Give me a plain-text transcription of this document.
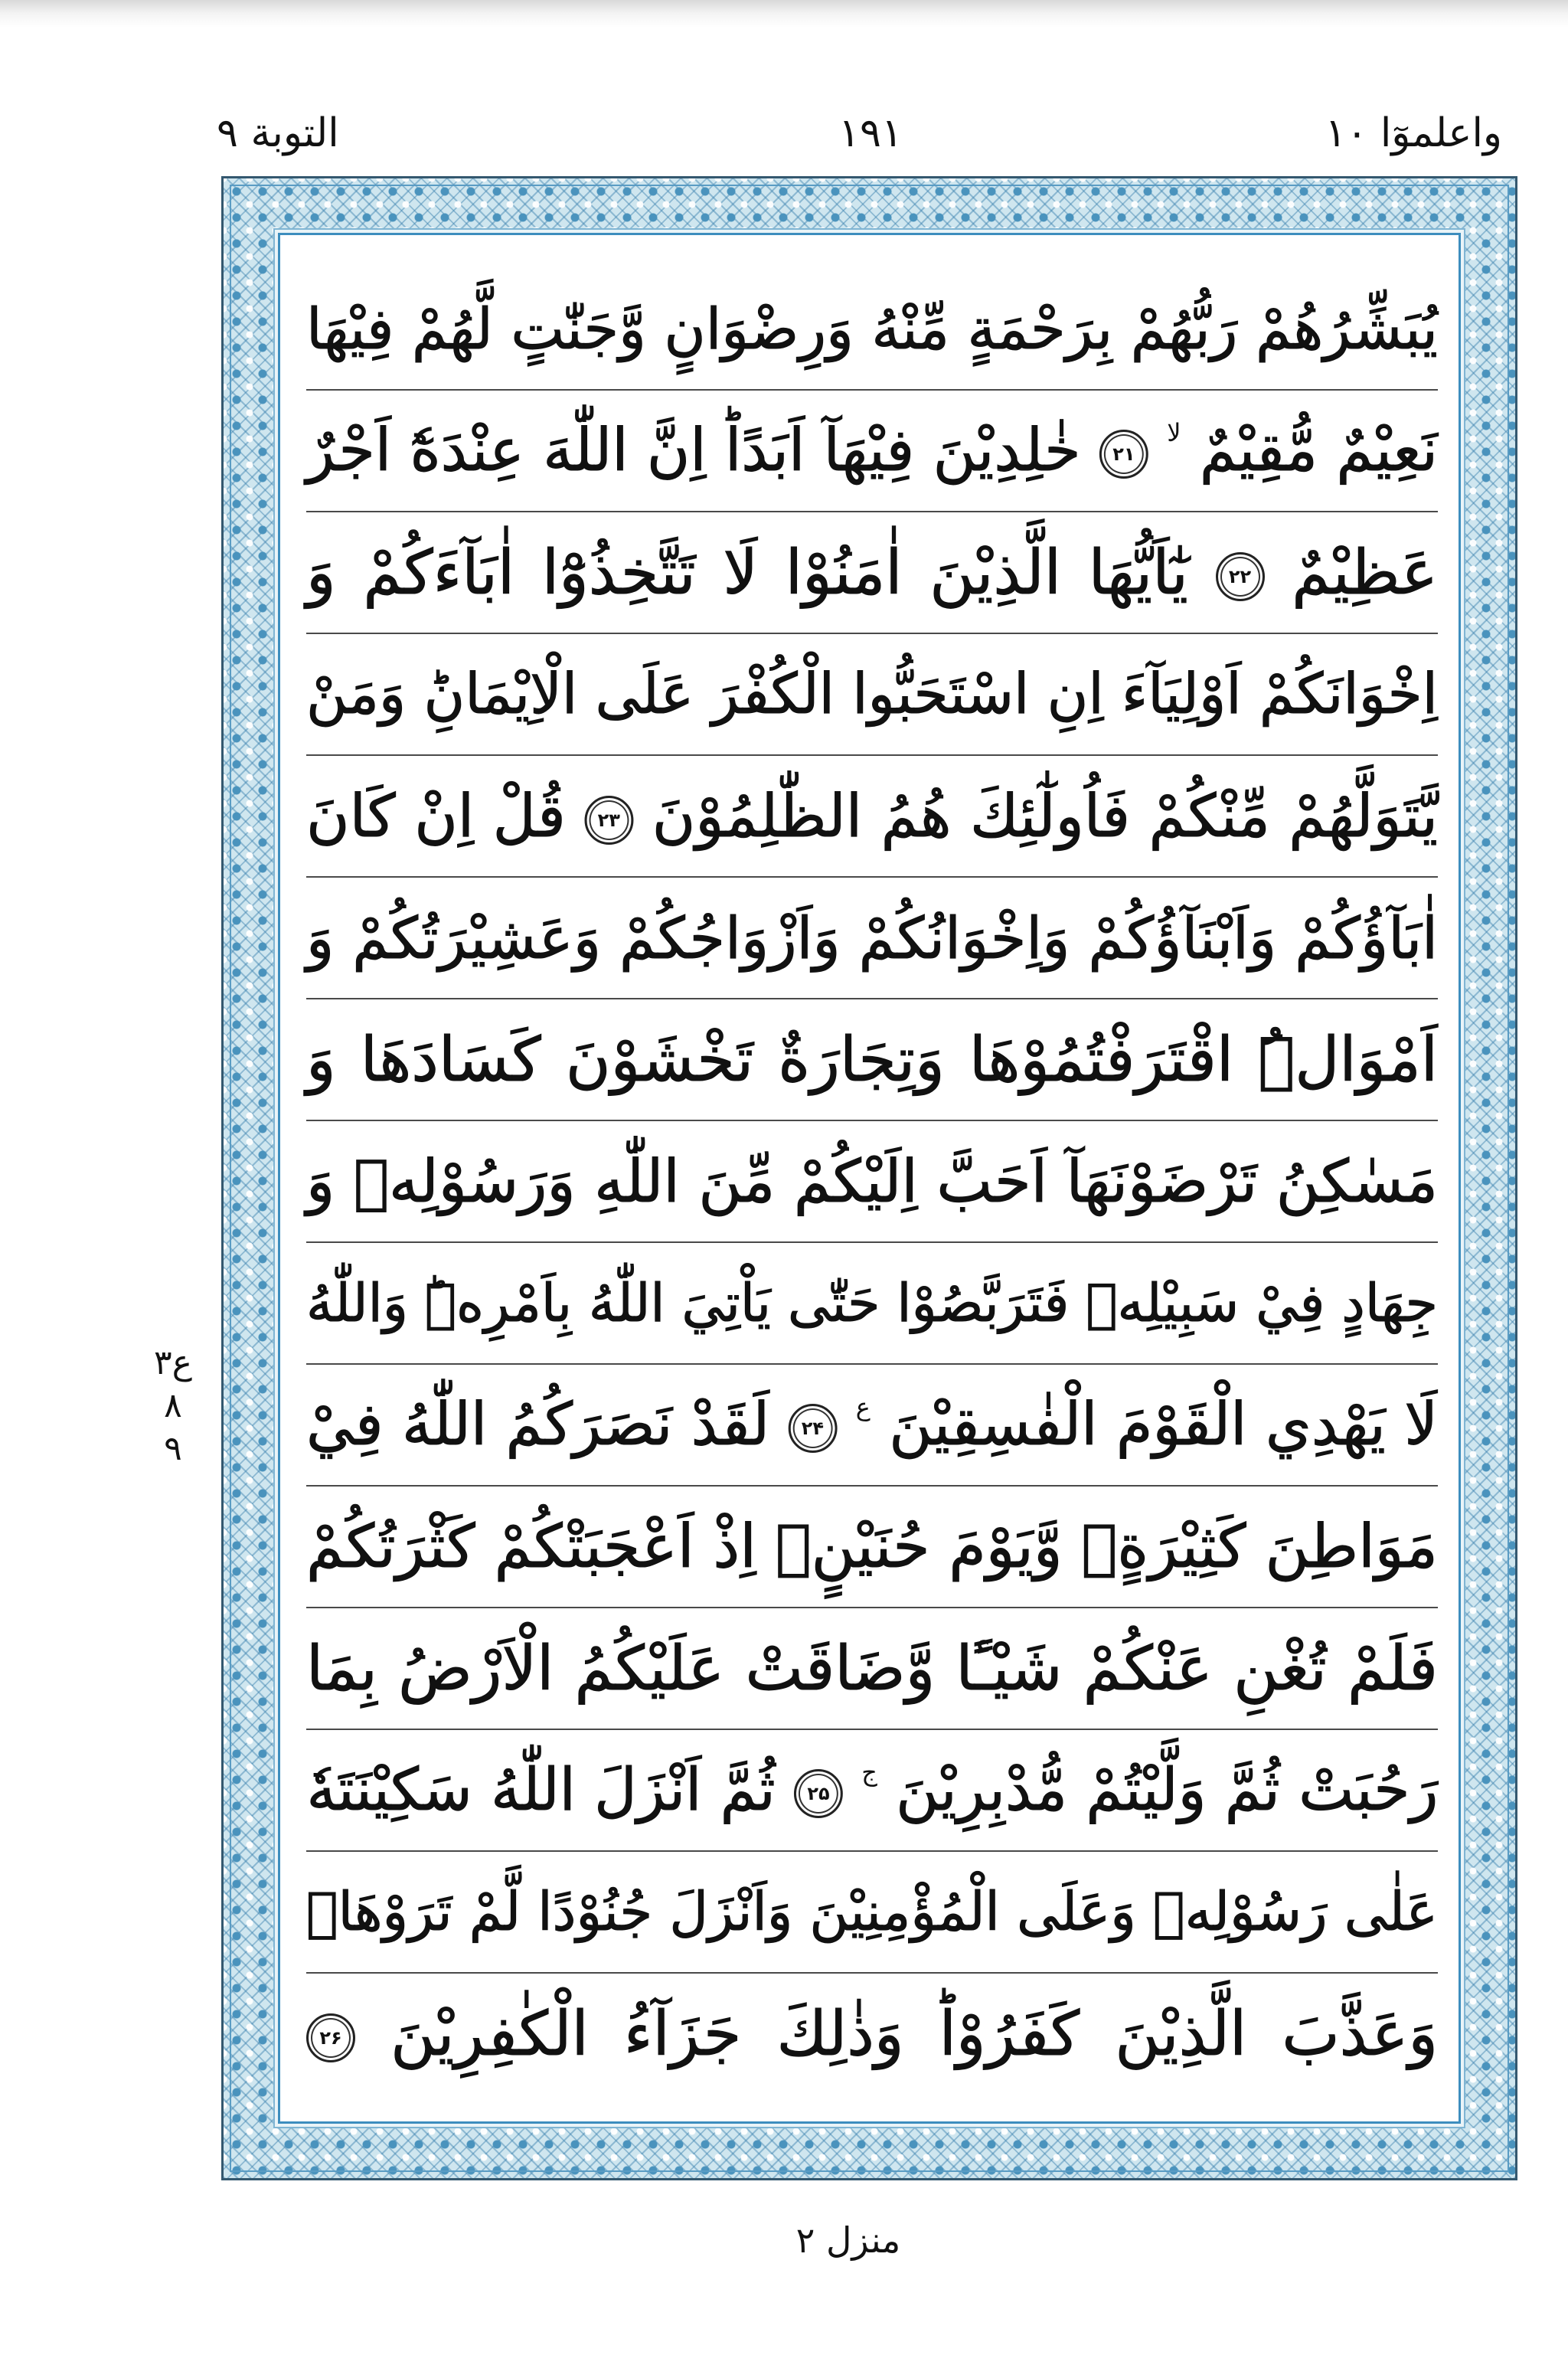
واعلموٓا ۱۰
۱۹۱
التوبة ۹
يُبَشِّرُهُمْ رَبُّهُمْ بِرَحْمَةٍ مِّنْهُ وَرِضْوَانٍ وَّجَنّٰتٍ لَّهُمْ فِيْهَا
نَعِيْمٌ مُّقِيْمٌ لا ۲۱ خٰلِدِيْنَ فِيْهَآ اَبَدًاؕ اِنَّ اللّٰهَ عِنْدَهٗٓ اَجْرٌ
عَظِيْمٌ ۲۲ يٰٓاَيُّهَا الَّذِيْنَ اٰمَنُوْا لَا تَتَّخِذُوْٓا اٰبَآءَكُمْ وَ
اِخْوَانَكُمْ اَوْلِيَآءَ اِنِ اسْتَحَبُّوا الْكُفْرَ عَلَى الْاِيْمَانِؕ وَمَنْ
يَّتَوَلَّهُمْ مِّنْكُمْ فَاُولٰٓئِكَ هُمُ الظّٰلِمُوْنَ ۲۳ قُلْ اِنْ كَانَ
اٰبَآؤُكُمْ وَاَبْنَآؤُكُمْ وَاِخْوَانُكُمْ وَاَزْوَاجُكُمْ وَعَشِيْرَتُكُمْ وَ
اَمْوَالُۨ اقْتَرَفْتُمُوْهَا وَتِجَارَةٌ تَخْشَوْنَ كَسَادَهَا وَ
مَسٰكِنُ تَرْضَوْنَهَآ اَحَبَّ اِلَيْكُمْ مِّنَ اللّٰهِ وَرَسُوْلِهٖ وَ
جِهَادٍ فِيْ سَبِيْلِهٖ فَتَرَبَّصُوْا حَتّٰى يَاْتِيَ اللّٰهُ بِاَمْرِهٖؕ وَاللّٰهُ
لَا يَهْدِي الْقَوْمَ الْفٰسِقِيْنَ ع ۲۴ لَقَدْ نَصَرَكُمُ اللّٰهُ فِيْ
مَوَاطِنَ كَثِيْرَةٍۙ وَّيَوْمَ حُنَيْنٍۙ اِذْ اَعْجَبَتْكُمْ كَثْرَتُكُمْ
فَلَمْ تُغْنِ عَنْكُمْ شَيْـًٔا وَّضَاقَتْ عَلَيْكُمُ الْاَرْضُ بِمَا
رَحُبَتْ ثُمَّ وَلَّيْتُمْ مُّدْبِرِيْنَ ج ۲۵ ثُمَّ اَنْزَلَ اللّٰهُ سَكِيْنَتَهٗ
عَلٰى رَسُوْلِهٖ وَعَلَى الْمُؤْمِنِيْنَ وَاَنْزَلَ جُنُوْدًا لَّمْ تَرَوْهَاۚ
وَعَذَّبَ الَّذِيْنَ كَفَرُوْاؕ وَذٰلِكَ جَزَآءُ الْكٰفِرِيْنَ ۲۶
ع۳
۸
۹
منزل ۲
